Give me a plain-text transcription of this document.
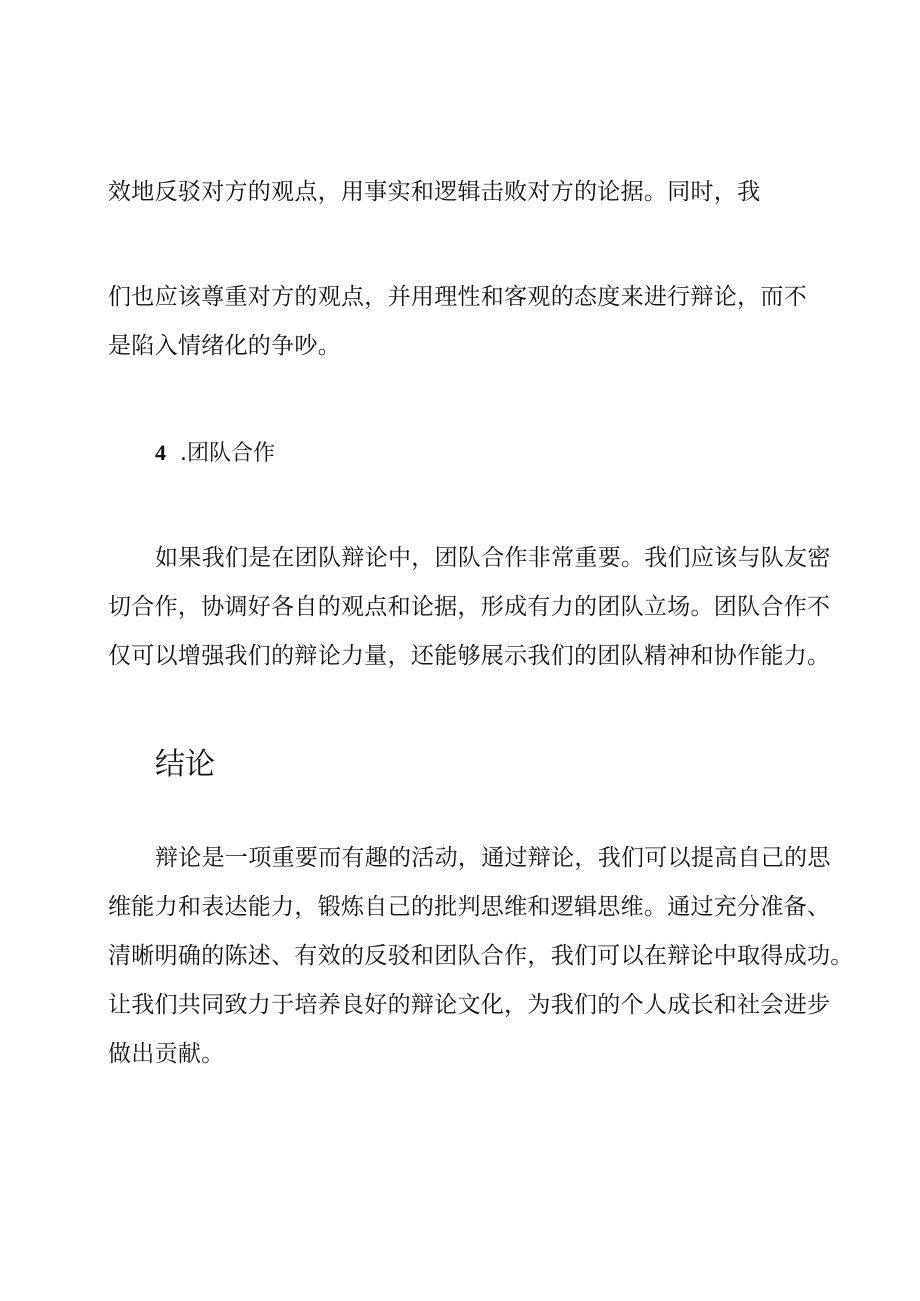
效地反驳对方的观点，用事实和逻辑击败对方的论据。同时，我
们也应该尊重对方的观点，并用理性和客观的态度来进行辩论，而不
是陷入情绪化的争吵。
4 .团队合作
如果我们是在团队辩论中，团队合作非常重要。我们应该与队友密
切合作，协调好各自的观点和论据，形成有力的团队立场。团队合作不
仅可以增强我们的辩论力量，还能够展示我们的团队精神和协作能力。
结论
辩论是一项重要而有趣的活动，通过辩论，我们可以提高自己的思
维能力和表达能力，锻炼自己的批判思维和逻辑思维。通过充分准备、
清晰明确的陈述、有效的反驳和团队合作，我们可以在辩论中取得成功。
让我们共同致力于培养良好的辩论文化，为我们的个人成长和社会进步
做出贡献。
